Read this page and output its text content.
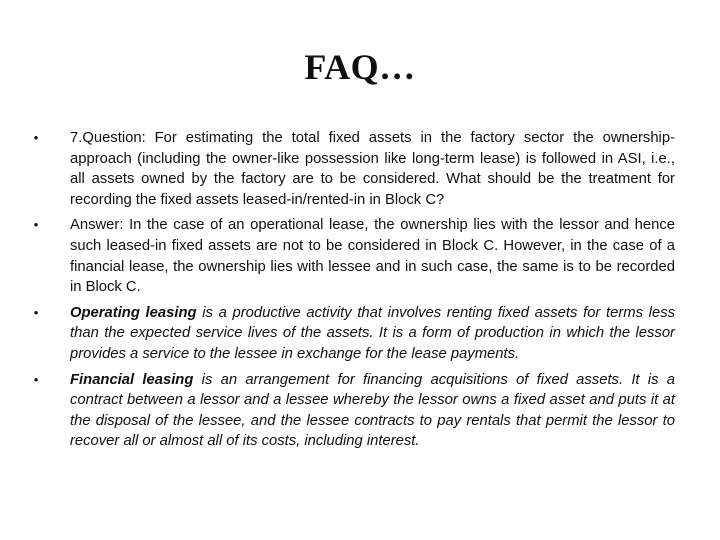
FAQ…
• 7.Question: For estimating the total fixed assets in the factory sector the ownership-approach (including the owner-like possession like long-term lease) is followed in ASI, i.e., all assets owned by the factory are to be considered. What should be the treatment for recording the fixed assets leased-in/rented-in in Block C?
• Answer: In the case of an operational lease, the ownership lies with the lessor and hence such leased-in fixed assets are not to be considered in Block C. However, in the case of a financial lease, the ownership lies with lessee and in such case, the same is to be recorded in Block C.
• Operating leasing is a productive activity that involves renting fixed assets for terms less than the expected service lives of the assets. It is a form of production in which the lessor provides a service to the lessee in exchange for the lease payments.
• Financial leasing is an arrangement for financing acquisitions of fixed assets. It is a contract between a lessor and a lessee whereby the lessor owns a fixed asset and puts it at the disposal of the lessee, and the lessee contracts to pay rentals that permit the lessor to recover all or almost all of its costs, including interest.
